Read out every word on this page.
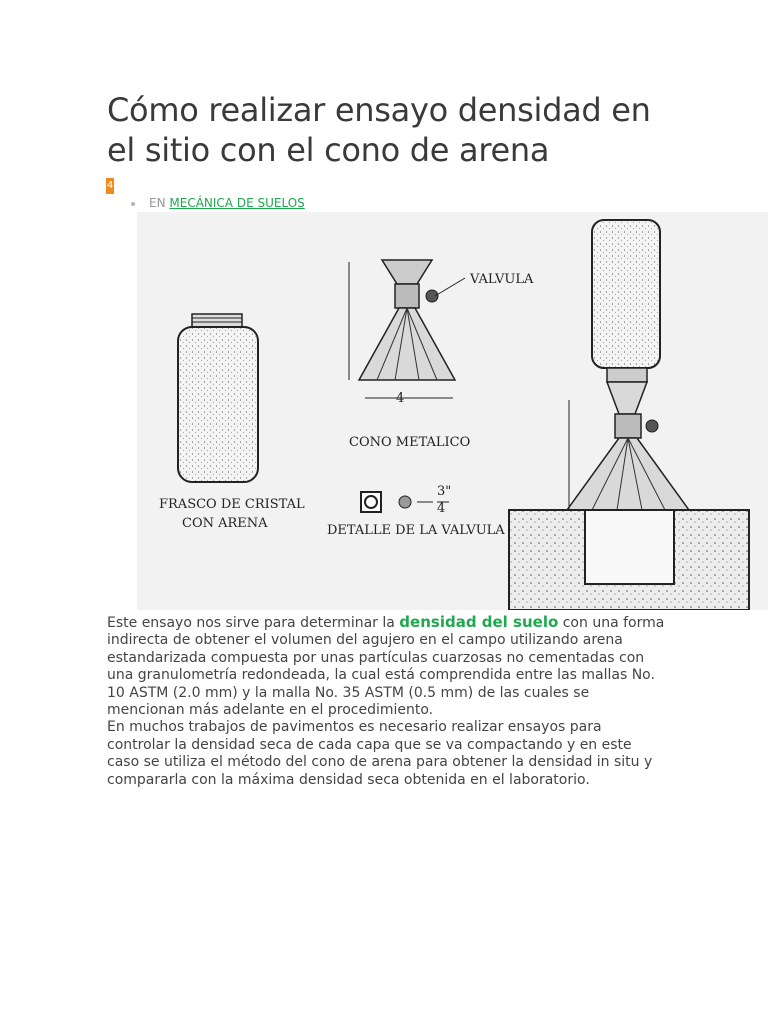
Cómo realizar ensayo densidad en el sitio con el cono de arena
4
EN MECÁNICA DE SUELOS
FRASCO DE CRISTAL
CON ARENA
VALVULA
4
CONO METALICO
3"
4
DETALLE DE LA VALVULA

Este ensayo nos sirve para determinar la densidad del suelo con una forma indirecta de obtener el volumen del agujero en el campo utilizando arena estandarizada compuesta por unas partículas cuarzosas no cementadas con una granulometría redondeada, la cual está comprendida entre las mallas No. 10 ASTM (2.0 mm) y la malla No. 35 ASTM (0.5 mm) de las cuales se mencionan más adelante en el procedimiento.

En muchos trabajos de pavimentos es necesario realizar ensayos para controlar la densidad seca de cada capa que se va compactando y en este caso se utiliza el método del cono de arena para obtener la densidad in situ y compararla con la máxima densidad seca obtenida en el laboratorio.
